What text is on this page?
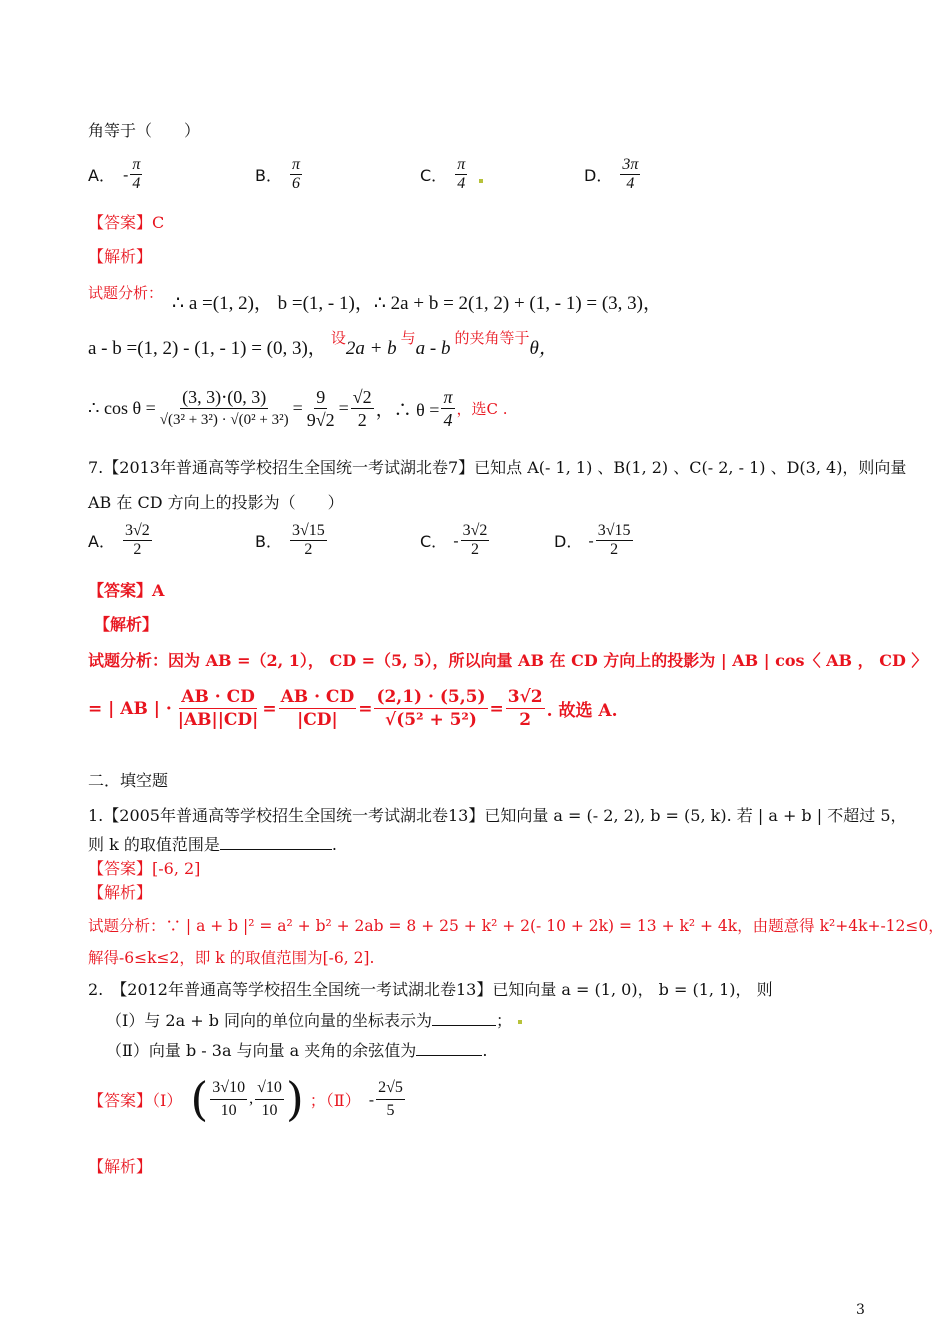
角等于（　　）
A． - $\frac{\pi}{4}$	B． $\frac{\pi}{6}$	C． $\frac{\pi}{4}$	D． $\frac{3\pi}{4}$
【答案】C
【解析】
试题分析： ∴ a =(1, 2)， b =(1, - 1)，∴ 2a + b = 2(1, 2) + (1, - 1) = (3, 3)，
a - b =(1, 2) - (1, - 1) = (0, 3)， 设 2a + b 与 a - b 的夹角等于 θ，
∴ $\cos \theta = \frac{(3, 3)\cdot(0, 3)}{\text{√(3² + 3²) · √(0² + 3²)}} = \frac{9}{9√2} = \frac{√2}{2}$ ，∴ $\theta = \frac{\pi}{4}$ ，选C .
7.【2013年普通高等学校招生全国统一考试湖北卷7】已知点 A(- 1, 1) 、B(1, 2) 、C(- 2, - 1) 、D(3, 4)，则向量
AB 在 CD 方向上的投影为（　　）
A． $\frac{3√2}{2}$	B． $\frac{3√15}{2}$	C． - $\frac{3√2}{2}$	D． - $\frac{3√15}{2}$
【答案】A
【解析】
试题分析：因为 AB =（2, 1）， CD =（5, 5），所以向量 AB 在 CD 方向上的投影为 | AB | cos〈 AB ， CD 〉
= | AB | · $\frac{AB \cdot CD}{|AB||CD|} = \frac{AB \cdot CD}{|CD|} = \frac{(2,1) \cdot (5,5)}{\text{√(5² + 5²)}} = \frac{3√2}{2}$ . 故选 A.
二．填空题
1.【2005年普通高等学校招生全国统一考试湖北卷13】已知向量 a = (- 2, 2), b = (5, k). 若 | a + b | 不超过 5，
则 k 的取值范围是	.
【答案】[-6, 2]
【解析】
试题分析：∵ | a + b |² = a² + b² + 2ab = 8 + 25 + k² + 2(- 10 + 2k) = 13 + k² + 4k，由题意得 k²+4k+-12≤0，
解得-6≤k≤2，即 k 的取值范围为[-6, 2].
2.　【2012年普通高等学校招生全国统一考试湖北卷13】已知向量 a = (1, 0)， b = (1, 1)， 则
（Ⅰ）与 2a + b 同向的单位向量的坐标表示为	；
（Ⅱ）向量 b - 3a 与向量 a 夹角的余弦值为	.
【答案】（Ⅰ） ( $\frac{3√10}{10}$ , $\frac{√10}{10}$ ) ；（Ⅱ） - $\frac{2√5}{5}$
【解析】
3
